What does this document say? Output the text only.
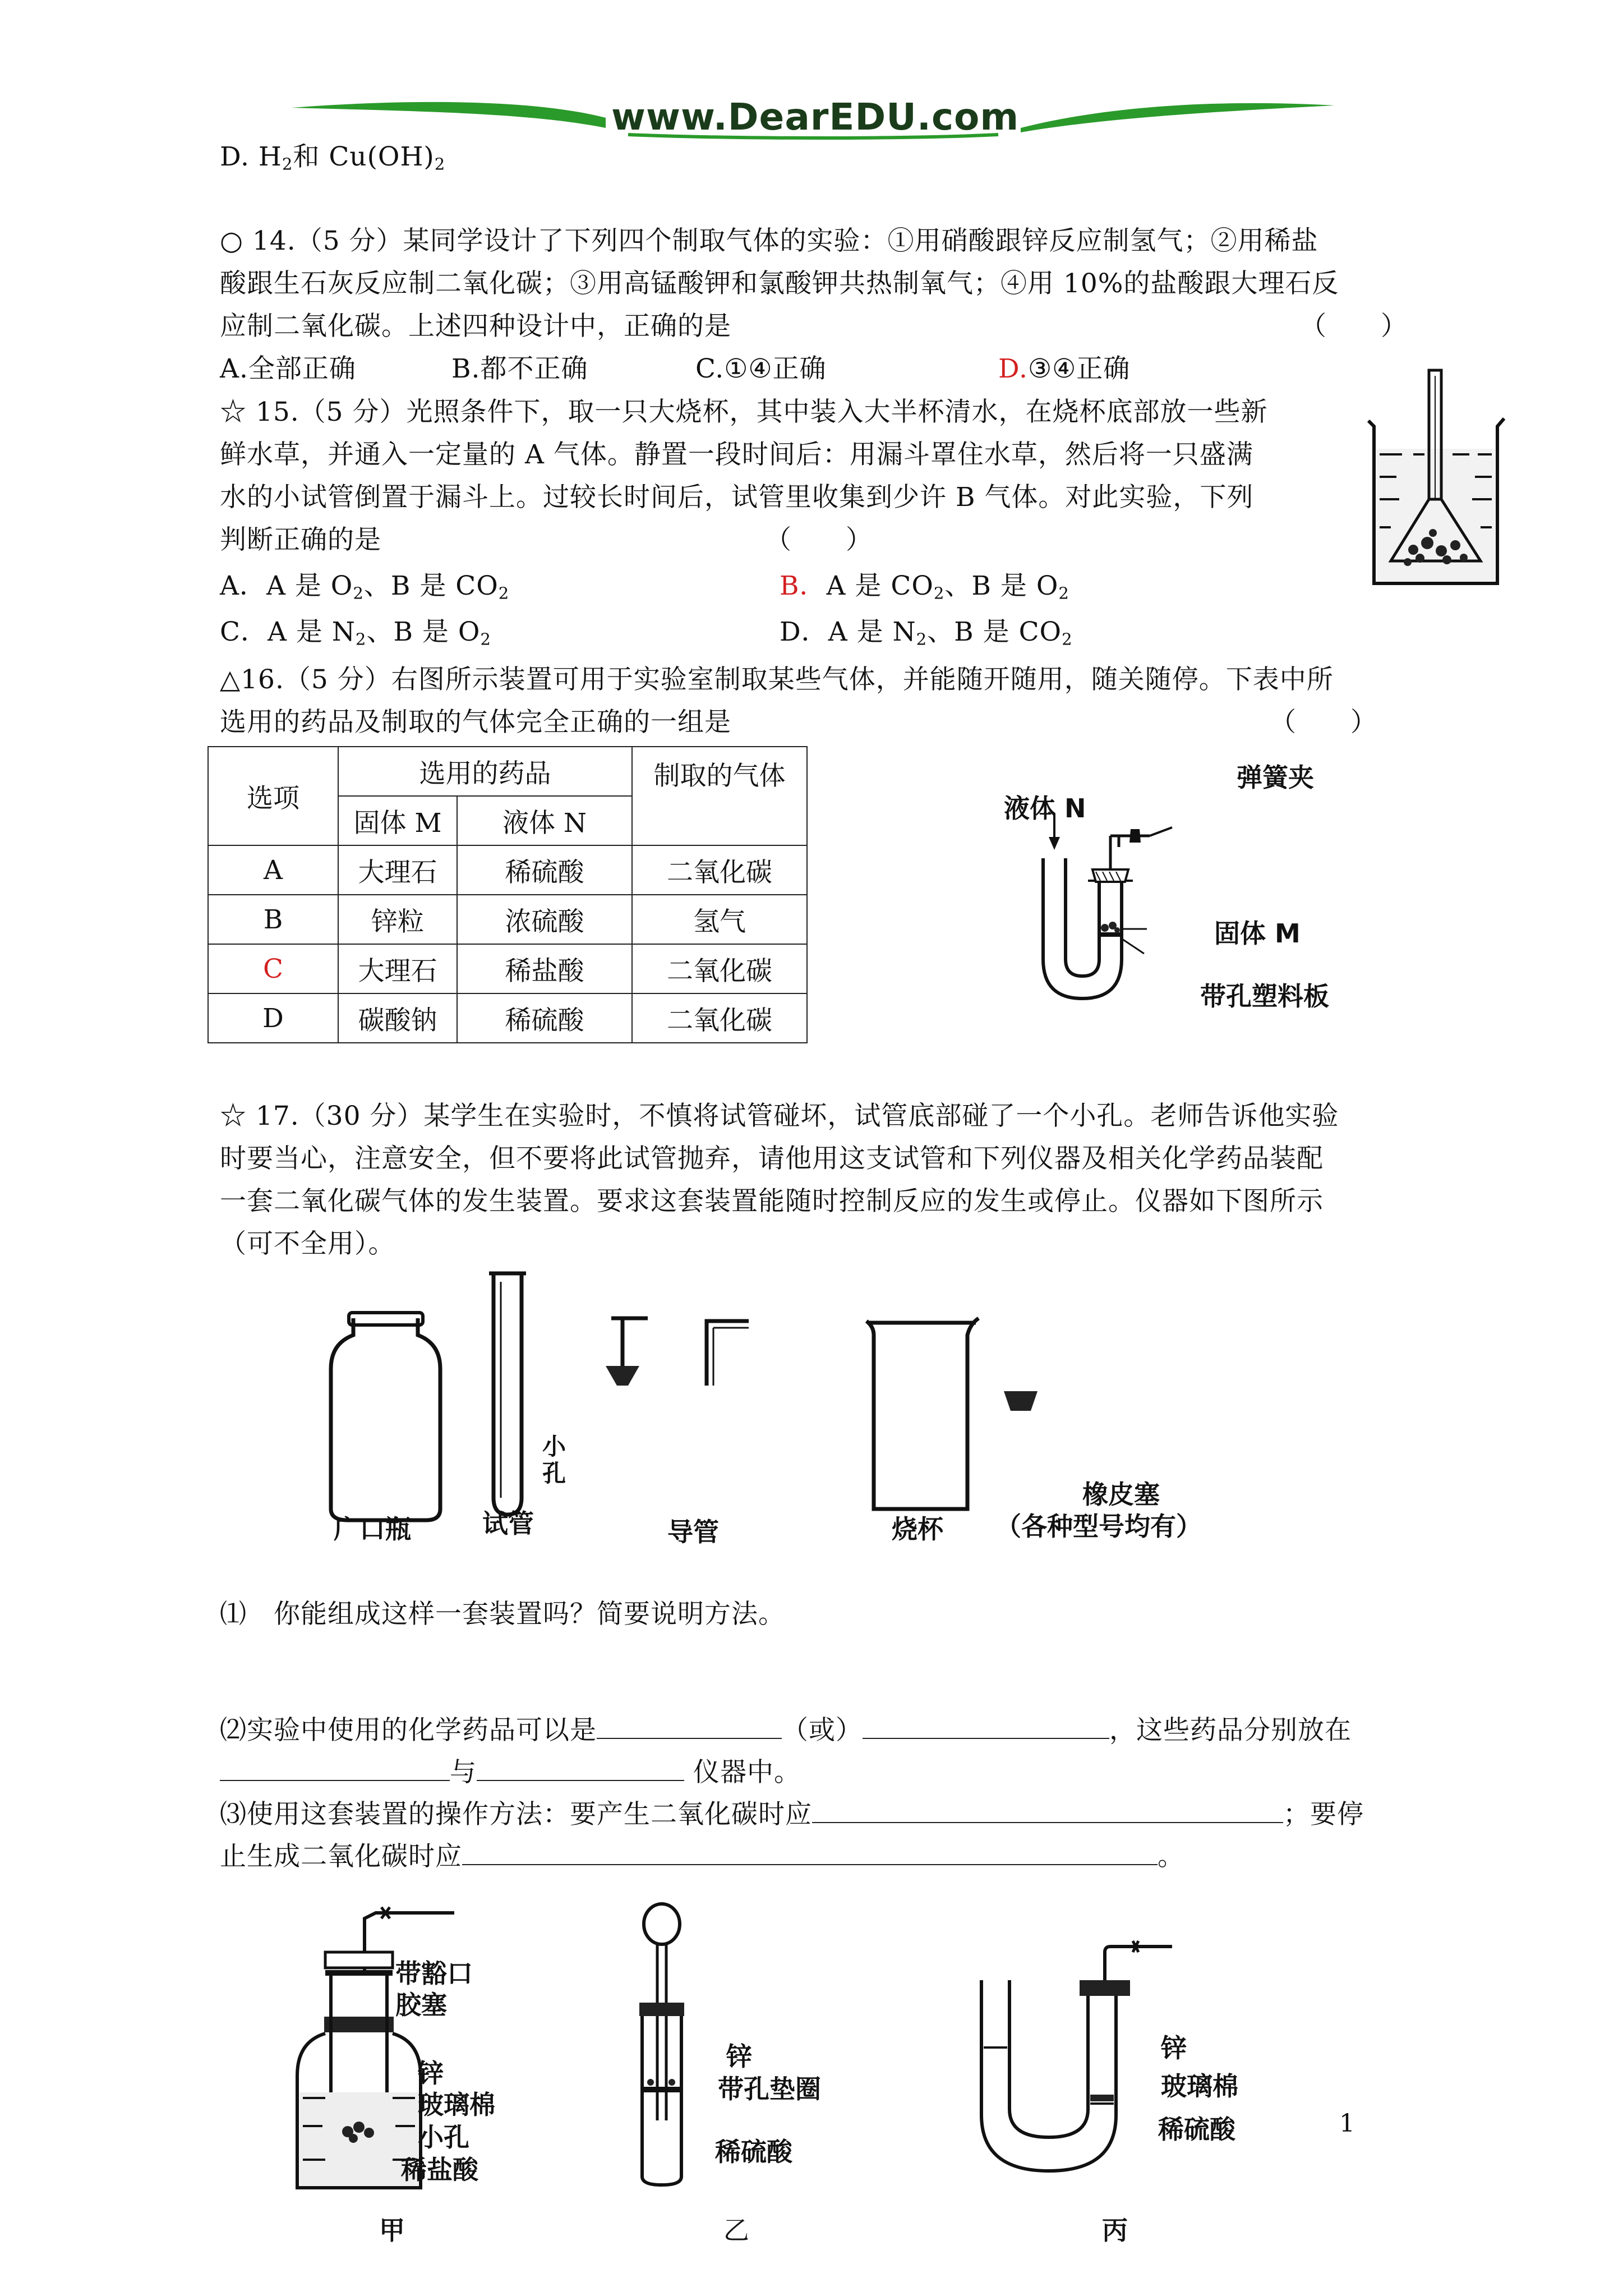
www.DearEDU.com
D. $H_2$和 $Cu(OH)_2$
○ 14.（5 分）某同学设计了下列四个制取气体的实验：①用硝酸跟锌反应制氢气；②用稀盐
酸跟生石灰反应制二氧化碳；③用高锰酸钾和氯酸钾共热制氧气；④用 10%的盐酸跟大理石反
应制二氧化碳。上述四种设计中，正确的是	（　　）
A.全部正确	B.都不正确	C.①④正确	D.③④正确
☆ 15.（5 分）光照条件下，取一只大烧杯，其中装入大半杯清水，在烧杯底部放一些新
鲜水草，并通入一定量的 A 气体。静置一段时间后：用漏斗罩住水草，然后将一只盛满
水的小试管倒置于漏斗上。过较长时间后，试管里收集到少许 B 气体。对此实验，下列
判断正确的是	（　　）
A．A 是 $O_2$、B 是 $CO_2$	B．A 是 $CO_2$、B 是 $O_2$
C．A 是 $N_2$、B 是 $O_2$	D．A 是 $N_2$、B 是 $CO_2$
△16.（5 分）右图所示装置可用于实验室制取某些气体，并能随开随用，随关随停。下表中所
选用的药品及制取的气体完全正确的一组是	（　　）
选项	选用的药品		制取的气体
	固体 M	液体 N	
A	大理石	稀硫酸	二氧化碳
B	锌粒	浓硫酸	氢气
C	大理石	稀盐酸	二氧化碳
D	碳酸钠	稀硫酸	二氧化碳
液体 N
弹簧夹
固体 M
带孔塑料板
☆ 17.（30 分）某学生在实验时，不慎将试管碰坏，试管底部碰了一个小孔。老师告诉他实验
时要当心，注意安全，但不要将此试管抛弃，请他用这支试管和下列仪器及相关化学药品装配
一套二氧化碳气体的发生装置。要求这套装置能随时控制反应的发生或停止。仪器如下图所示
（可不全用）。
广口瓶	试管
小孔
导管	烧杯
橡皮塞
（各种型号均有）
⑴　你能组成这样一套装置吗？简要说明方法。
⑵实验中使用的化学药品可以是	（或）	，这些药品分别放在
与	仪器中。
⑶使用这套装置的操作方法：要产生二氧化碳时应	；要停
止生成二氧化碳时应	。
带豁口
胶塞
锌
玻璃棉
小孔
稀盐酸
锌
带孔垫圈
稀硫酸
锌
玻璃棉
稀硫酸
甲	乙	丙
1
